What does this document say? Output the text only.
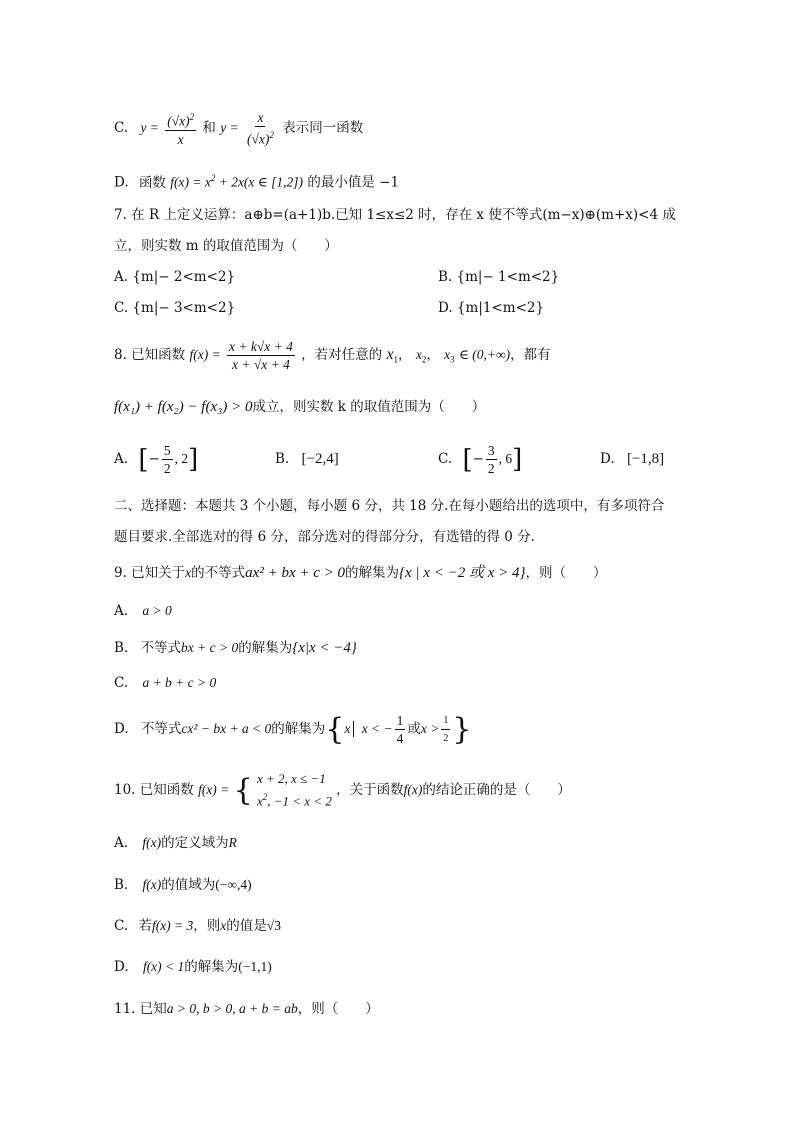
C. $y = \frac{(√x)^2}{x}$ 和 $y = \frac{x}{(√x)^2}$ 表示同一函数
D. 函数 $f(x) = x^2 + 2x(x$ ∈ [1,2]) 的最小值是 −1
7. 在 R 上定义运算：a⊕b=(a+1)b.已知 1≤x≤2 时，存在 x 使不等式(m−x)⊕(m+x)<4 成
立，则实数 m 的取值范围为（　　）
A. {m|− 2<m<2}	B. {m|− 1<m<2}
C. {m|− 3<m<2}	D. {m|1<m<2}
8. 已知函数 $f(x) = \frac{x + k√x + 4}{x + √x + 4}$ ，若对任意的 $x_1$， $x_2$， $x_3$ ∈ (0,+∞)，都有
f(x₁) + f(x₂) − f(x₃) > 0成立，则实数 k 的取值范围为（　　）
A. [− $\frac{5}{2}$ , 2]	B. [−2,4]	C. [− $\frac{3}{2}$ , 6]	D. [−1,8]
二、选择题：本题共 3 个小题，每小题 6 分，共 18 分.在每小题给出的选项中，有多项符合
题目要求.全部选对的得 6 分，部分选对的得部分分，有选错的得 0 分.
9. 已知关于x的不等式ax² + bx + c > 0的解集为{x | x < −2 或 x > 4}，则（　　）
A. a > 0
B. 不等式bx + c > 0的解集为{x|x < −4}
C. a + b + c > 0
D. 不等式cx² − bx + a < 0的解集为{x x < − $\frac{1}{4}$ 或$x > \frac{1}{2}$ }
10. 已知函数 f(x) = { x + 2, x ≤ −1
$x^2$, −1 < x < 2
，关于函数f(x)的结论正确的是（　　）
A. f(x)的定义域为R
B. f(x)的值域为(−∞,4)
C. 若f(x) = 3，则x的值是√3
D. f(x) < 1的解集为(−1,1)
11. 已知a > 0, b > 0, a + b = ab，则（　　）
